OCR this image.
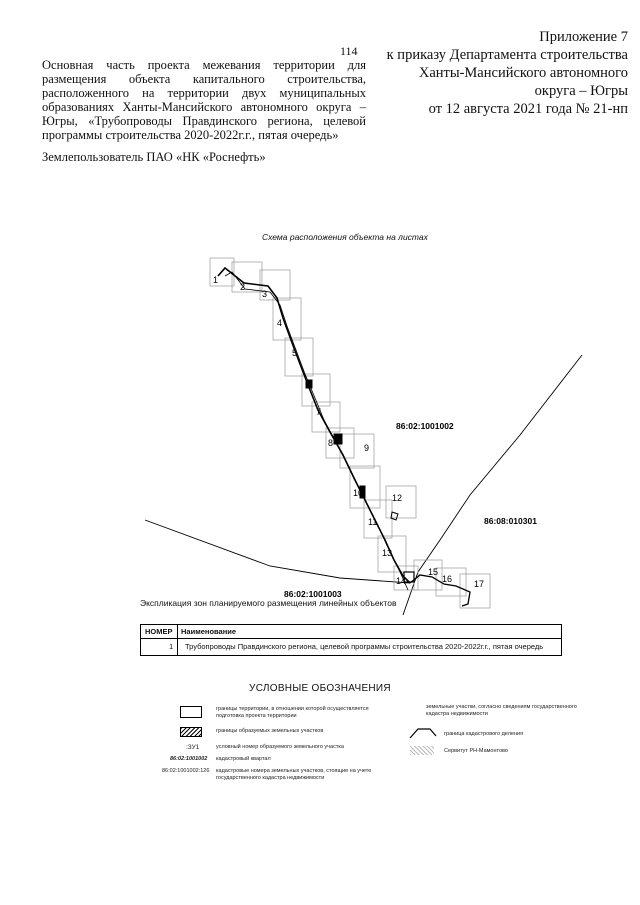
114
Приложение 7
к приказу Департамента строительства
Ханты-Мансийского автономного
округа – Югры
от 12 августа 2021 года № 21-нп
Основная часть проекта межевания территории для размещения объекта капитального строительства, расположенного на территории двух муниципальных образованиях Ханты-Мансийского автономного округа – Югры, «Трубопроводы Правдинского региона, целевой программы строительства 2020-2022г.г., пятая очередь»
Землепользователь ПАО «НК «Роснефть»
1
2
3
4
5
6
7
8	9
10
11
12
13
14
15
16 17
86:02:1001002
86:08:010301
86:02:1001003
Схема расположения объекта на листах
Экспликация зон планируемого размещения линейных объектов
НОМЕР Наименование
1 Трубопроводы Правдинского региона, целевой программы строительства 2020-2022г.г., пятая очередь
УСЛОВНЫЕ ОБОЗНАЧЕНИЯ
границы территории, в отношении которой осуществляется подготовка проекта территории
границы образуемых земельных участков
:ЗУ1	условный номер образуемого земельного участка
86:02:1001002 кадастровый квартал
86:02:1001002:126 кадастровые номера земельных участков, стоящие на учете государственного кадастра недвижимости
земельные участки, согласно сведениям государственного кадастра недвижимости
граница кадастрового деления
Сервитут РН-Мамонтово
